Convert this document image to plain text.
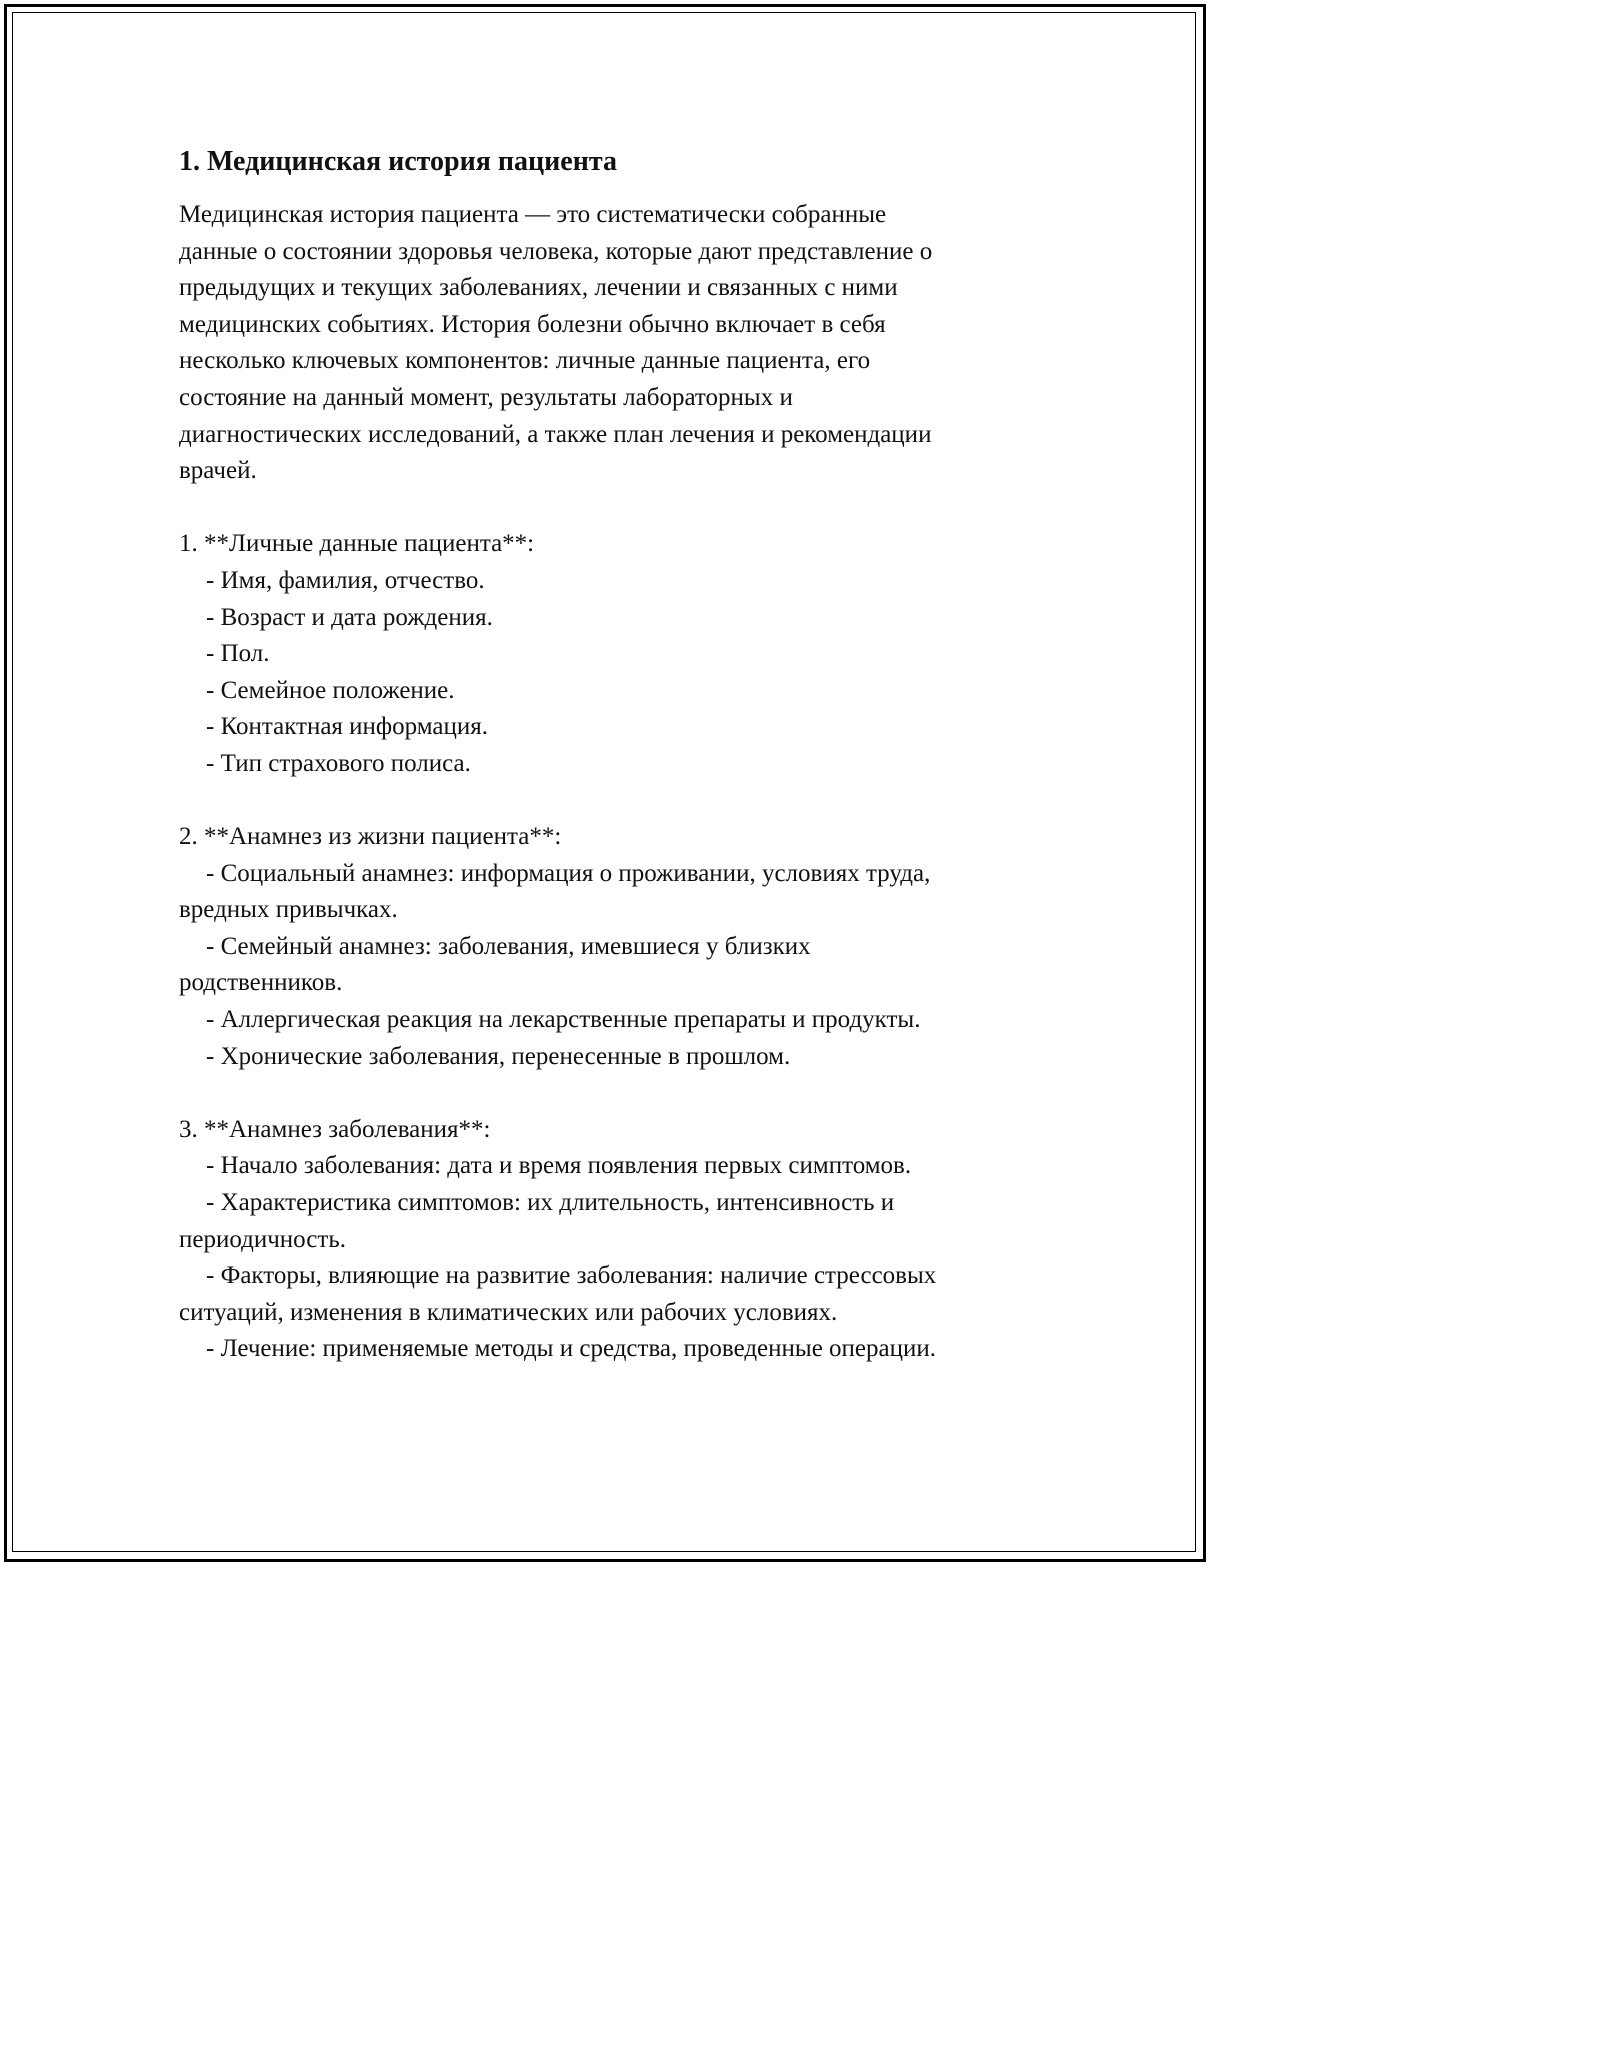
1. Медицинская история пациента
Медицинская история пациента — это систематически собранные
данные о состоянии здоровья человека, которые дают представление о
предыдущих и текущих заболеваниях, лечении и связанных с ними
медицинских событиях. История болезни обычно включает в себя
несколько ключевых компонентов: личные данные пациента, его
состояние на данный момент, результаты лабораторных и
диагностических исследований, а также план лечения и рекомендации
врачей.
1. **Личные данные пациента**:
- Имя, фамилия, отчество.
- Возраст и дата рождения.
- Пол.
- Семейное положение.
- Контактная информация.
- Тип страхового полиса.
2. **Анамнез из жизни пациента**:
- Социальный анамнез: информация о проживании, условиях труда,
вредных привычках.
- Семейный анамнез: заболевания, имевшиеся у близких
родственников.
- Аллергическая реакция на лекарственные препараты и продукты.
- Хронические заболевания, перенесенные в прошлом.
3. **Анамнез заболевания**:
- Начало заболевания: дата и время появления первых симптомов.
- Характеристика симптомов: их длительность, интенсивность и
периодичность.
- Факторы, влияющие на развитие заболевания: наличие стрессовых
ситуаций, изменения в климатических или рабочих условиях.
- Лечение: применяемые методы и средства, проведенные операции.
